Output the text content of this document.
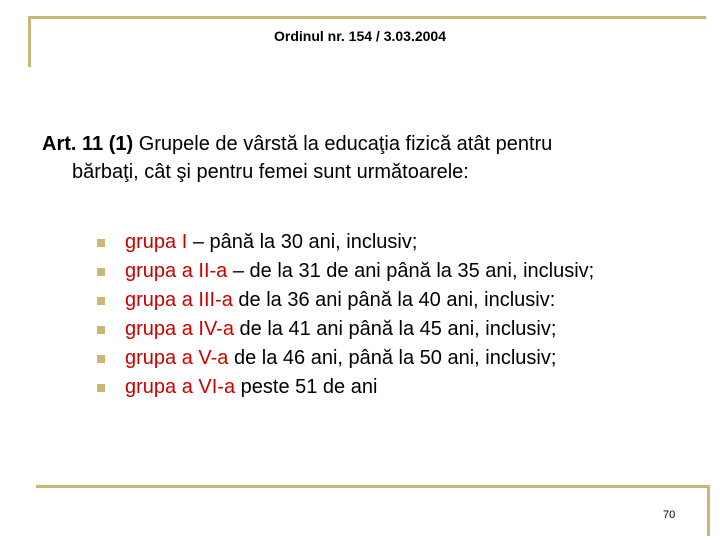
Ordinul nr. 154 / 3.03.2004
Art. 11 (1) Grupele de vârstă la educaţia fizică atât pentru
bărbaţi, cât şi pentru femei sunt următoarele:
grupa I – până la 30 ani, inclusiv;
grupa a II-a – de la 31 de ani până la 35 ani, inclusiv;
grupa a III-a de la 36 ani până la 40 ani, inclusiv:
grupa a IV-a de la 41 ani până la 45 ani, inclusiv;
grupa a V-a de la 46 ani, până la 50 ani, inclusiv;
grupa a VI-a peste 51 de ani
70
